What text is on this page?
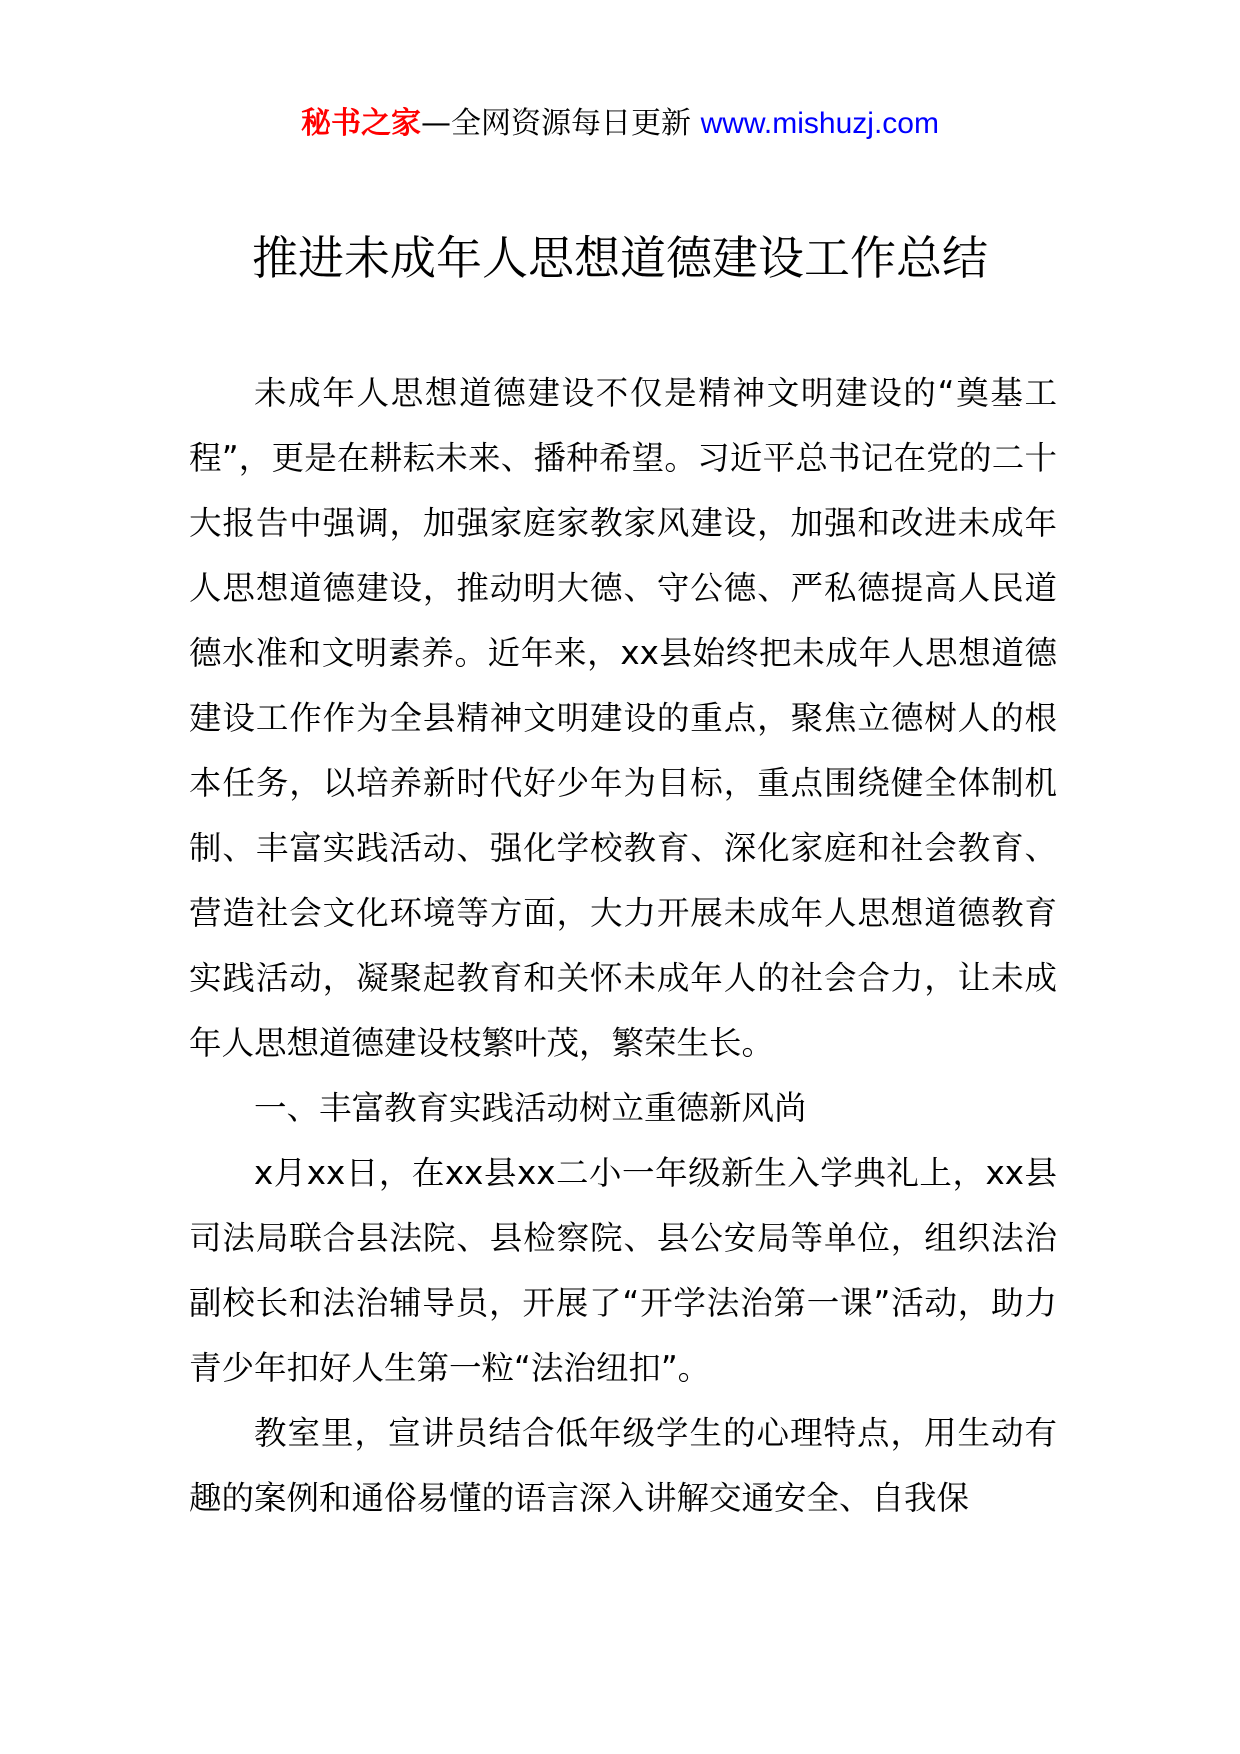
秘书之家—全网资源每日更新 www.mishuzj.com
推进未成年人思想道德建设工作总结

未成年人思想道德建设不仅是精神文明建设的“奠基工程”，更是在耕耘未来、播种希望。习近平总书记在党的二十大报告中强调，加强家庭家教家风建设，加强和改进未成年人思想道德建设，推动明大德、守公德、严私德提高人民道德水准和文明素养。近年来，xx县始终把未成年人思想道德建设工作作为全县精神文明建设的重点，聚焦立德树人的根本任务，以培养新时代好少年为目标，重点围绕健全体制机制、丰富实践活动、强化学校教育、深化家庭和社会教育、营造社会文化环境等方面，大力开展未成年人思想道德教育实践活动，凝聚起教育和关怀未成年人的社会合力，让未成年人思想道德建设枝繁叶茂，繁荣生长。

一、丰富教育实践活动树立重德新风尚

x月xx日，在xx县xx二小一年级新生入学典礼上，xx县司法局联合县法院、县检察院、县公安局等单位，组织法治副校长和法治辅导员，开展了“开学法治第一课”活动，助力青少年扣好人生第一粒“法治纽扣”。

教室里，宣讲员结合低年级学生的心理特点，用生动有趣的案例和通俗易懂的语言深入讲解交通安全、自我保
